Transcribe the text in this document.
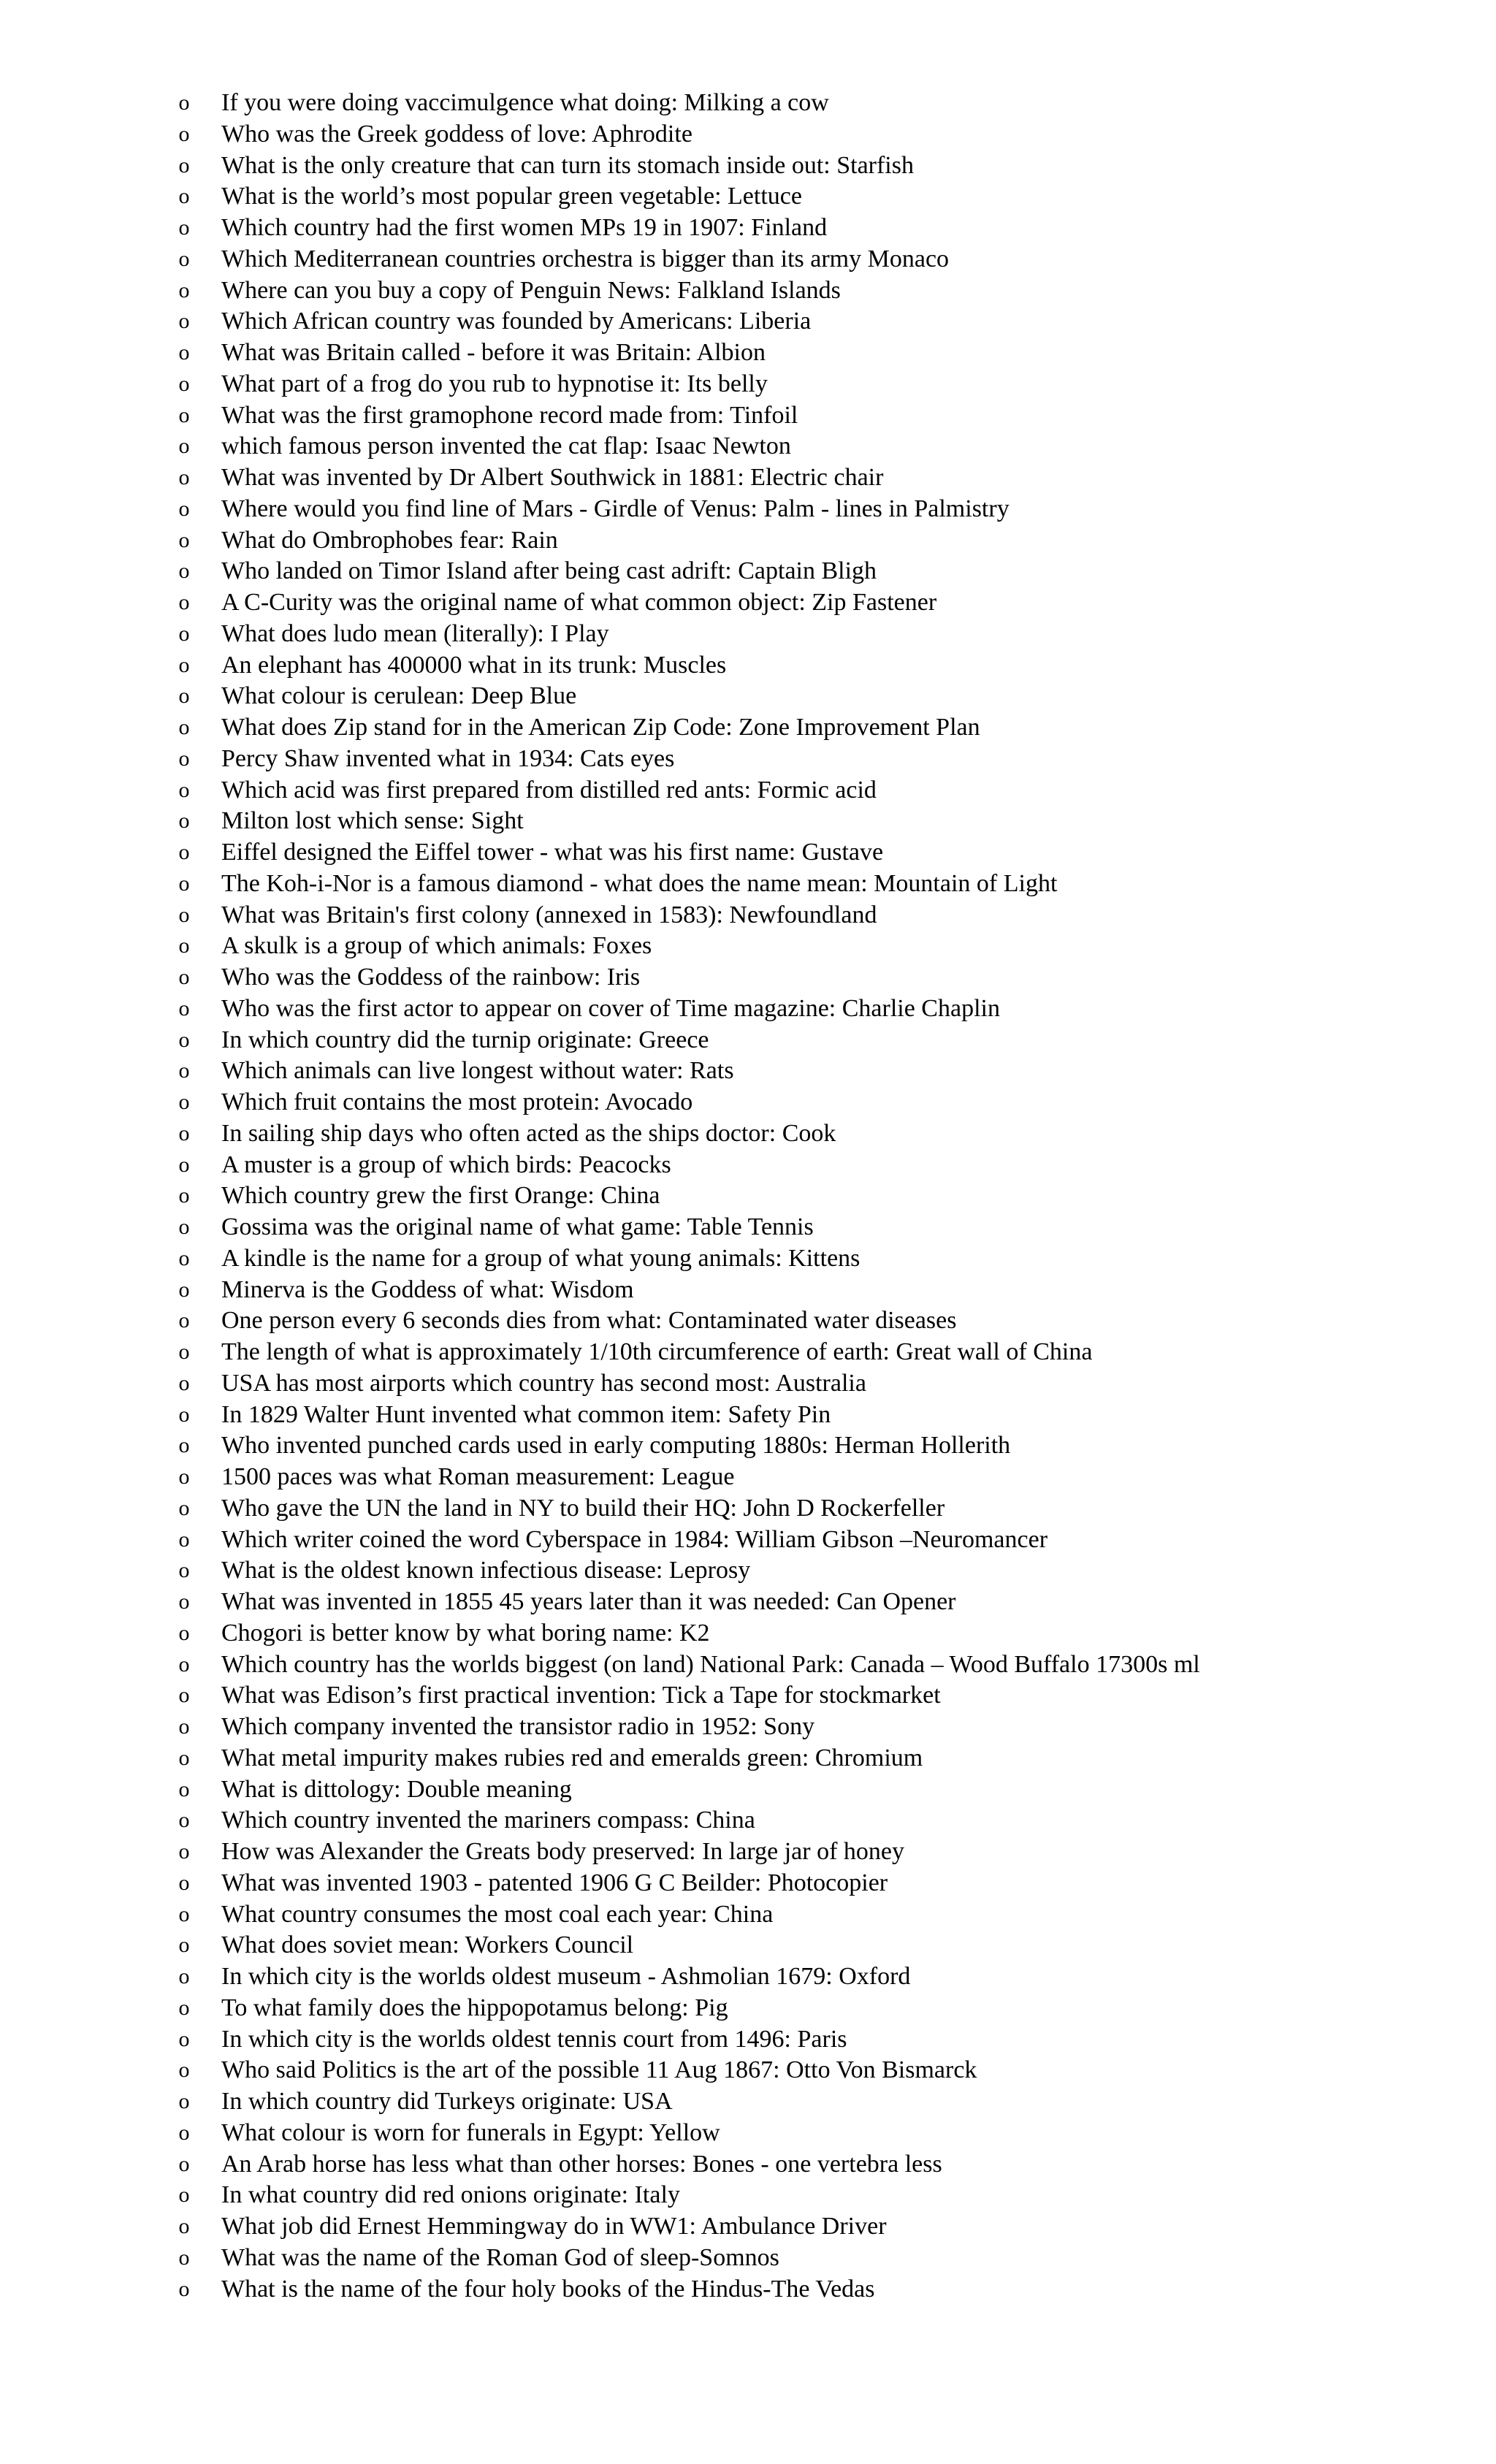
o If you were doing vaccimulgence what doing: Milking a cow
o Who was the Greek goddess of love: Aphrodite
o What is the only creature that can turn its stomach inside out: Starfish
o What is the world’s most popular green vegetable: Lettuce
o Which country had the first women MPs 19 in 1907: Finland
o Which Mediterranean countries orchestra is bigger than its army Monaco
o Where can you buy a copy of Penguin News: Falkland Islands
o Which African country was founded by Americans: Liberia
o What was Britain called - before it was Britain: Albion
o What part of a frog do you rub to hypnotise it: Its belly
o What was the first gramophone record made from: Tinfoil
o which famous person invented the cat flap: Isaac Newton
o What was invented by Dr Albert Southwick in 1881: Electric chair
o Where would you find line of Mars - Girdle of Venus: Palm - lines in Palmistry
o What do Ombrophobes fear: Rain
o Who landed on Timor Island after being cast adrift: Captain Bligh
o A C-Curity was the original name of what common object: Zip Fastener
o What does ludo mean (literally): I Play
o An elephant has 400000 what in its trunk: Muscles
o What colour is cerulean: Deep Blue
o What does Zip stand for in the American Zip Code: Zone Improvement Plan
o Percy Shaw invented what in 1934: Cats eyes
o Which acid was first prepared from distilled red ants: Formic acid
o Milton lost which sense: Sight
o Eiffel designed the Eiffel tower - what was his first name: Gustave
o The Koh-i-Nor is a famous diamond - what does the name mean: Mountain of Light
o What was Britain's first colony (annexed in 1583): Newfoundland
o A skulk is a group of which animals: Foxes
o Who was the Goddess of the rainbow: Iris
o Who was the first actor to appear on cover of Time magazine: Charlie Chaplin
o In which country did the turnip originate: Greece
o Which animals can live longest without water: Rats
o Which fruit contains the most protein: Avocado
o In sailing ship days who often acted as the ships doctor: Cook
o A muster is a group of which birds: Peacocks
o Which country grew the first Orange: China
o Gossima was the original name of what game: Table Tennis
o A kindle is the name for a group of what young animals: Kittens
o Minerva is the Goddess of what: Wisdom
o One person every 6 seconds dies from what: Contaminated water diseases
o The length of what is approximately 1/10th circumference of earth: Great wall of China
o USA has most airports which country has second most: Australia
o In 1829 Walter Hunt invented what common item: Safety Pin
o Who invented punched cards used in early computing 1880s: Herman Hollerith
o 1500 paces was what Roman measurement: League
o Who gave the UN the land in NY to build their HQ: John D Rockerfeller
o Which writer coined the word Cyberspace in 1984: William Gibson –Neuromancer
o What is the oldest known infectious disease: Leprosy
o What was invented in 1855 45 years later than it was needed: Can Opener
o Chogori is better know by what boring name: K2
o Which country has the worlds biggest (on land) National Park: Canada – Wood Buffalo 17300s ml
o What was Edison’s first practical invention: Tick a Tape for stockmarket
o Which company invented the transistor radio in 1952: Sony
o What metal impurity makes rubies red and emeralds green: Chromium
o What is dittology: Double meaning
o Which country invented the mariners compass: China
o How was Alexander the Greats body preserved: In large jar of honey
o What was invented 1903 - patented 1906 G C Beilder: Photocopier
o What country consumes the most coal each year: China
o What does soviet mean: Workers Council
o In which city is the worlds oldest museum - Ashmolian 1679: Oxford
o To what family does the hippopotamus belong: Pig
o In which city is the worlds oldest tennis court from 1496: Paris
o Who said Politics is the art of the possible 11 Aug 1867: Otto Von Bismarck
o In which country did Turkeys originate: USA
o What colour is worn for funerals in Egypt: Yellow
o An Arab horse has less what than other horses: Bones - one vertebra less
o In what country did red onions originate: Italy
o What job did Ernest Hemmingway do in WW1: Ambulance Driver
o What was the name of the Roman God of sleep-Somnos
o What is the name of the four holy books of the Hindus-The Vedas
